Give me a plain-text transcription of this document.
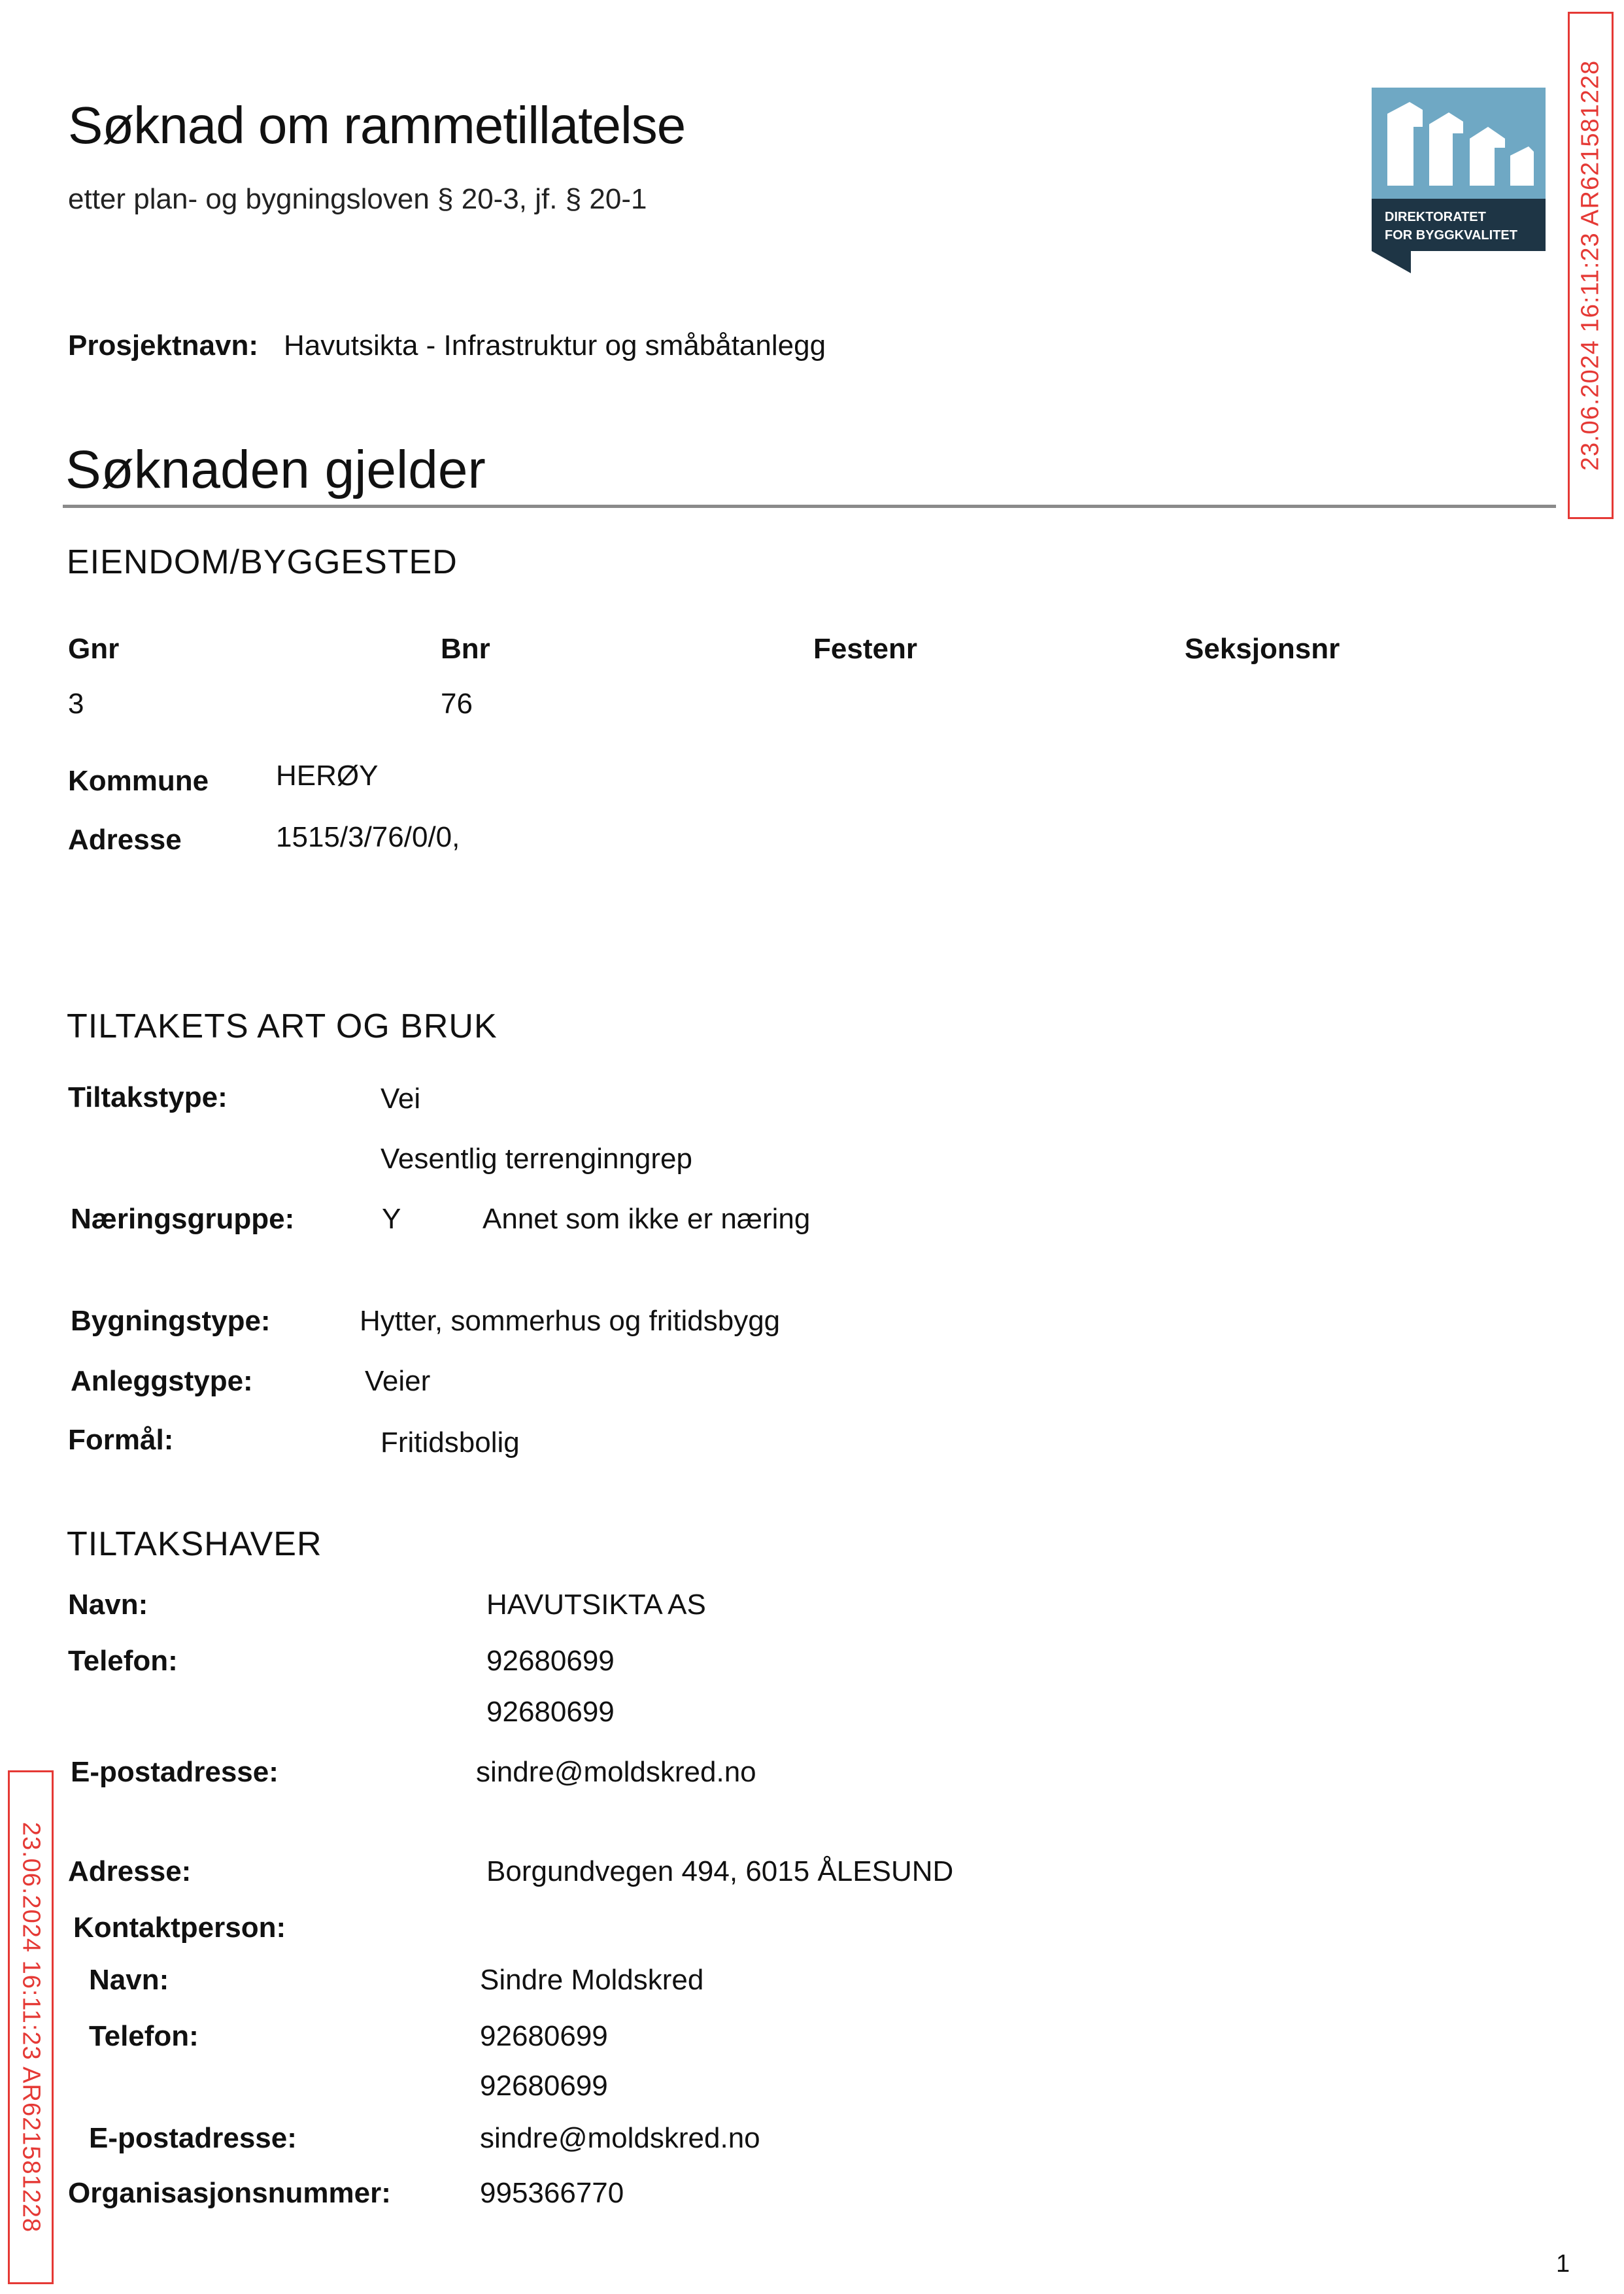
Søknad om rammetillatelse
etter plan- og bygningsloven § 20-3, jf. § 20-1
DIREKTORATET
FOR BYGGKVALITET
Prosjektnavn: Havutsikta - Infrastruktur og småbåtanlegg
Søknaden gjelder
EIENDOM/BYGGESTED
Gnr	Bnr	Festenr	Seksjonsnr
3	76
Kommune HERØY
Adresse	1515/3/76/0/0,
TILTAKETS ART OG BRUK
Tiltakstype:	Vei
Vesentlig terrenginngrep
Næringsgruppe:	Y	Annet som ikke er næring
Bygningstype:	Hytter, sommerhus og fritidsbygg
Anleggstype:	Veier
Formål:	Fritidsbolig
TILTAKSHAVER
Navn:	HAVUTSIKTA AS
Telefon:	92680699
92680699
E-postadresse:	sindre@moldskred.no
Adresse:	Borgundvegen 494, 6015 ÅLESUND
Kontaktperson:
Navn:	Sindre Moldskred
Telefon:	92680699
92680699
E-postadresse:	sindre@moldskred.no
Organisasjonsnummer:	995366770
23.06.2024 16:11:23 AR621581228
23.06.2024 16:11:23 AR621581228
1
